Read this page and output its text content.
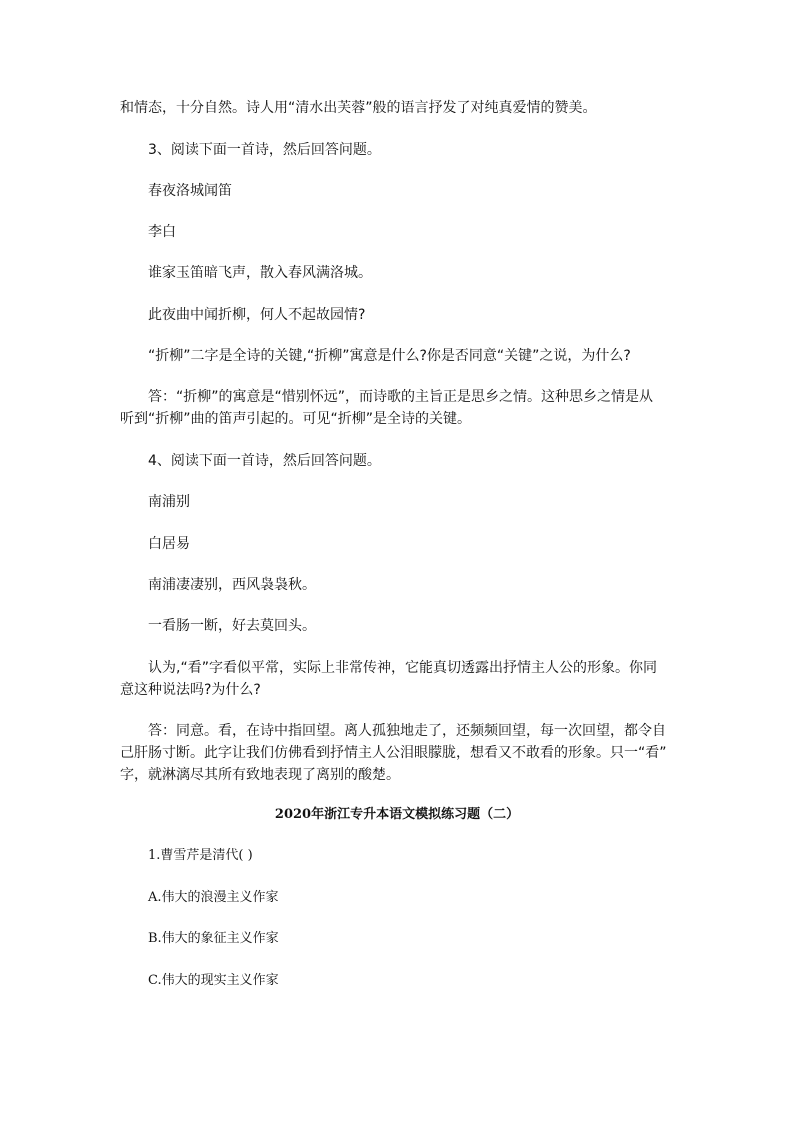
和情态，十分自然。诗人用“清水出芙蓉”般的语言抒发了对纯真爱情的赞美。

3、阅读下面一首诗，然后回答问题。

春夜洛城闻笛

李白

谁家玉笛暗飞声，散入春风满洛城。

此夜曲中闻折柳，何人不起故园情?

“折柳”二字是全诗的关键,“折柳”寓意是什么?你是否同意“关键”之说，为什么?

答：“折柳”的寓意是“惜别怀远”，而诗歌的主旨正是思乡之情。这种思乡之情是从

听到“折柳”曲的笛声引起的。可见“折柳”是全诗的关键。

4、阅读下面一首诗，然后回答问题。

南浦别

白居易

南浦凄凄别，西风袅袅秋。

一看肠一断，好去莫回头。

认为,“看”字看似平常，实际上非常传神，它能真切透露出抒情主人公的形象。你同

意这种说法吗?为什么?

答：同意。看，在诗中指回望。离人孤独地走了，还频频回望，每一次回望，都令自

己肝肠寸断。此字让我们仿佛看到抒情主人公泪眼朦胧，想看又不敢看的形象。只一“看”

字，就淋漓尽其所有致地表现了离别的酸楚。

2020年浙江专升本语文模拟练习题（二）

1.曹雪芹是清代( )

A.伟大的浪漫主义作家

B.伟大的象征主义作家

C.伟大的现实主义作家
